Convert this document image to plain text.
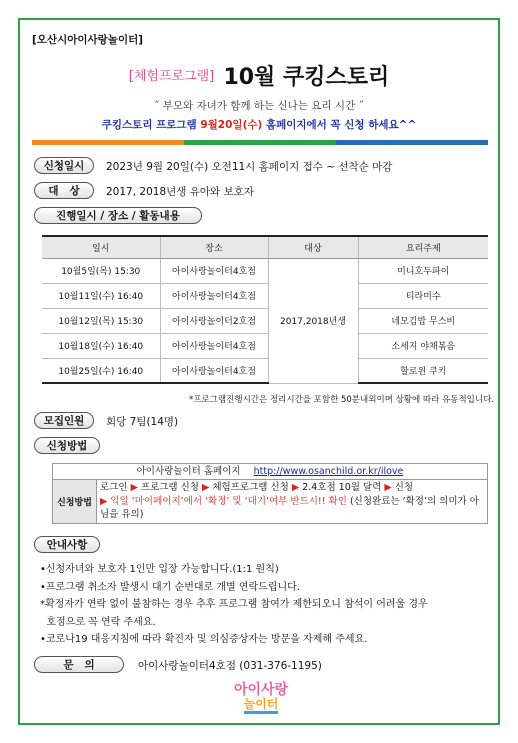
[오산시아이사랑놀이터]
[체험프로그램] 10월 쿠킹스토리
˝ 부모와 자녀가 함께 하는 신나는 요리 시간 ˝
쿠킹스토리 프로그램 9월20일(수) 홈페이지에서 꼭 신청 하세요^^
신청일시	2023년 9월 20일(수) 오전11시 홈페이지 접수 ~ 선착순 마감
대   상	2017, 2018년생 유아와 보호자
진행일시 / 장소 / 활동내용
일시	장소	대상	요리주제
10월5일(목) 15:30	아이사랑놀이터4호점	2017,2018년생	미니호두파이
10월11일(수) 16:40	아이사랑놀이터4호점		티라미수
10월12일(목) 15:30	아이사랑놀이터2호점		네모김밥 무스비
10월18일(수) 16:40	아이사랑놀이터4호점		소세지 야채볶음
10월25일(수) 16:40	아이사랑놀이터4호점		할로윈 쿠키
*프로그램진행시간은 정리시간을 포함한 50분내외이며 상황에 따라 유동적입니다.
모집인원	회당 7팀(14명)
신청방법
아이사랑놀이터 홈페이지 http://www.osanchild.or.kr/ilove
신청방법
로그인 ▶ 프로그램 신청 ▶ 체험프로그램 신청 ▶ 2.4호점 10월 달력 ▶ 신청
▶ 익일 ‘마이페이지’에서 ‘확정’ 및 ‘대기’여부 반드시!! 확인 (신청완료는 ‘확정’의 의미가 아님을 유의)
안내사항

•신청자녀와 보호자 1인만 입장 가능합니다.(1:1 원칙)

•프로그램 취소자 발생시 대기 순번대로 개별 연락드립니다.

*확정자가 연락 없이 불참하는 경우 추후 프로그램 참여가 제한되오니 참석이 어려울 경우

호점으로 꼭 연락 주세요.

•코로나19 대응지침에 따라 확진자 및 의심증상자는 방문을 자제해 주세요.

문   의	아이사랑놀이터4호점 (031-376-1195)
아이사랑
놀이터
